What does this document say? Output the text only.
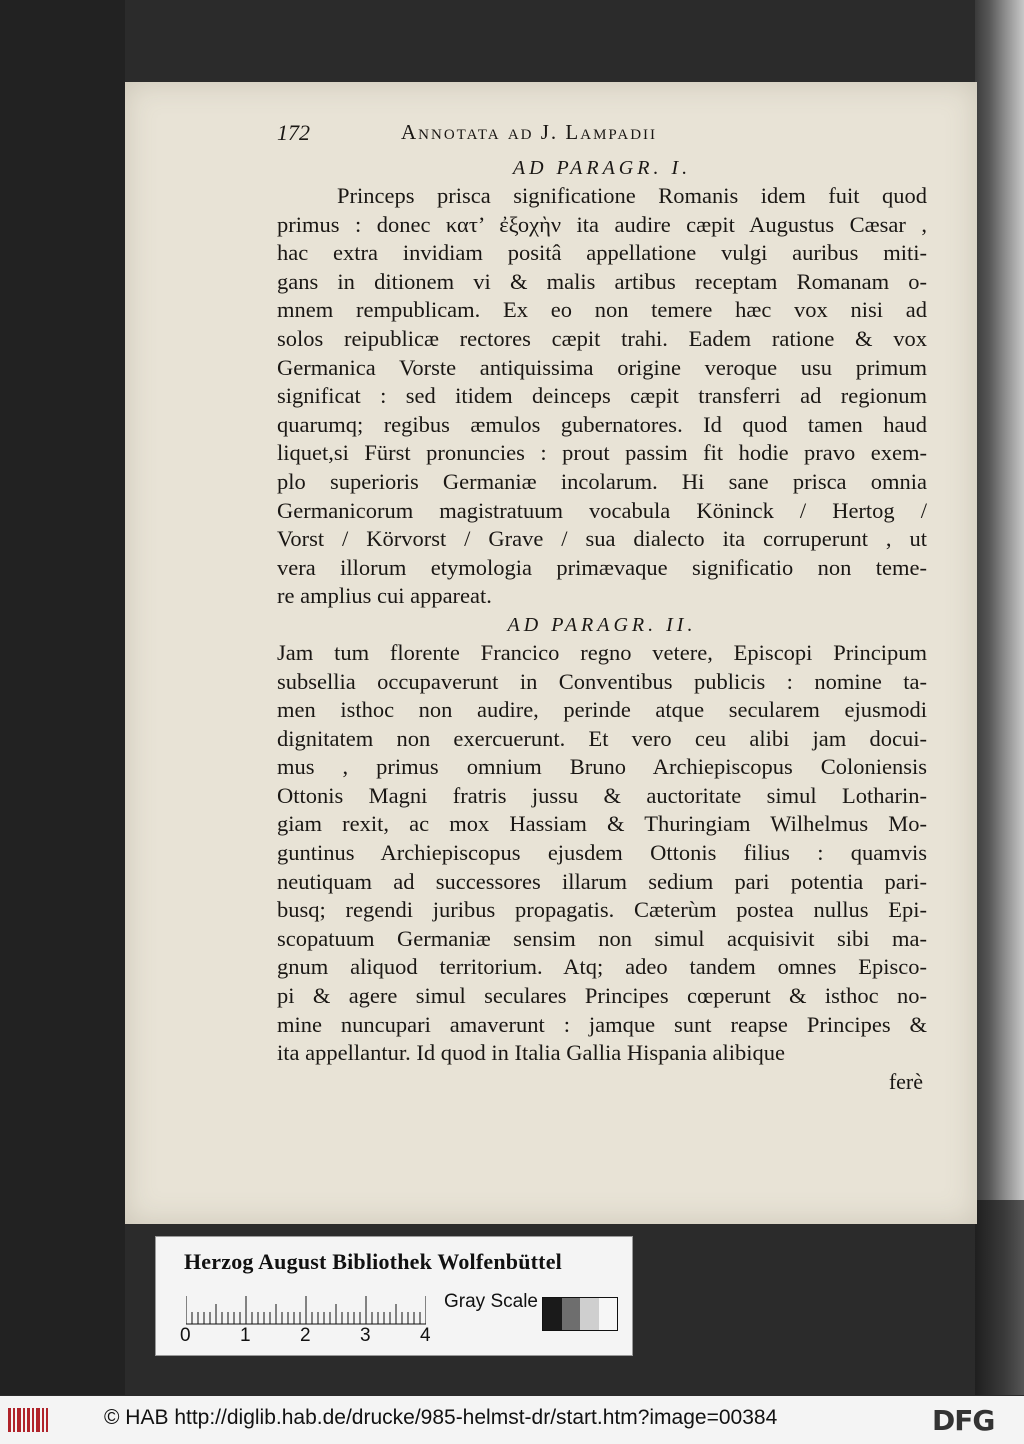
172	Annotata ad J. Lampadii
AD PARAGR. I.

Princeps prisca significatione Romanis idem fuit quod
primus : donec κατ’ ἐξοχὴν ita audire cæpit Augustus Cæsar ,
hac extra invidiam positâ appellatione vulgi auribus miti-
gans in ditionem vi & malis artibus receptam Romanam o-
mnem rempublicam. Ex eo non temere hæc vox nisi ad
solos reipublicæ rectores cæpit trahi. Eadem ratione & vox
Germanica Vorste antiquissima origine veroque usu primum
significat : sed itidem deinceps cæpit transferri ad regionum
quarumq; regibus æmulos gubernatores. Id quod tamen haud
liquet,si Fürst pronuncies : prout passim fit hodie pravo exem-
plo superioris Germaniæ incolarum. Hi sane prisca omnia
Germanicorum magistratuum vocabula Köninck / Hertog /
Vorst / Körvorst / Grave / sua dialecto ita corruperunt , ut
vera illorum etymologia primævaque significatio non teme-
re amplius cui appareat.

AD PARAGR. II.

Jam tum florente Francico regno vetere, Episcopi Principum
subsellia occupaverunt in Conventibus publicis : nomine ta-
men isthoc non audire, perinde atque secularem ejusmodi
dignitatem non exercuerunt. Et vero ceu alibi jam docui-
mus , primus omnium Bruno Archiepiscopus Coloniensis
Ottonis Magni fratris jussu & auctoritate simul Lotharin-
giam rexit, ac mox Hassiam & Thuringiam Wilhelmus Mo-
guntinus Archiepiscopus ejusdem Ottonis filius : quamvis
neutiquam ad successores illarum sedium pari potentia pari-
busq; regendi juribus propagatis. Cæterùm postea nullus Epi-
scopatuum Germaniæ sensim non simul acquisivit sibi ma-
gnum aliquod territorium. Atq; adeo tandem omnes Episco-
pi & agere simul seculares Principes cœperunt & isthoc no-
mine nuncupari amaverunt : jamque sunt reapse Principes &
ita appellantur. Id quod in Italia Gallia Hispania alibique

ferè
Herzog August Bibliothek Wolfenbüttel
0	1	2	3	4
Gray Scale
© HAB http://diglib.hab.de/drucke/985-helmst-dr/start.htm?image=00384	DFG
